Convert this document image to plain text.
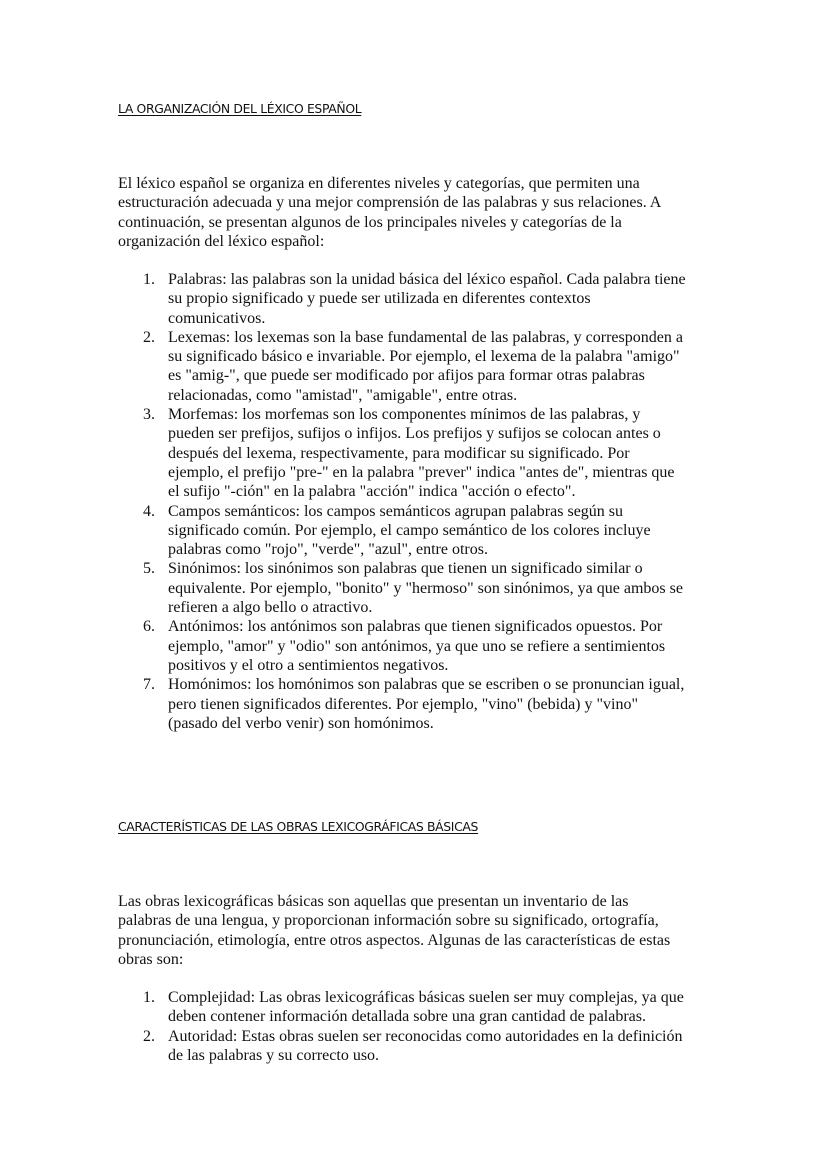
LA ORGANIZACIÓN DEL LÉXICO ESPAÑOL

El léxico español se organiza en diferentes niveles y categorías, que permiten una
estructuración adecuada y una mejor comprensión de las palabras y sus relaciones. A
continuación, se presentan algunos de los principales niveles y categorías de la
organización del léxico español:

1. Palabras: las palabras son la unidad básica del léxico español. Cada palabra tiene
su propio significado y puede ser utilizada en diferentes contextos
comunicativos.
2. Lexemas: los lexemas son la base fundamental de las palabras, y corresponden a
su significado básico e invariable. Por ejemplo, el lexema de la palabra "amigo"
es "amig-", que puede ser modificado por afijos para formar otras palabras
relacionadas, como "amistad", "amigable", entre otras.
3. Morfemas: los morfemas son los componentes mínimos de las palabras, y
pueden ser prefijos, sufijos o infijos. Los prefijos y sufijos se colocan antes o
después del lexema, respectivamente, para modificar su significado. Por
ejemplo, el prefijo "pre-" en la palabra "prever" indica "antes de", mientras que
el sufijo "-ción" en la palabra "acción" indica "acción o efecto".
4. Campos semánticos: los campos semánticos agrupan palabras según su
significado común. Por ejemplo, el campo semántico de los colores incluye
palabras como "rojo", "verde", "azul", entre otros.
5. Sinónimos: los sinónimos son palabras que tienen un significado similar o
equivalente. Por ejemplo, "bonito" y "hermoso" son sinónimos, ya que ambos se
refieren a algo bello o atractivo.
6. Antónimos: los antónimos son palabras que tienen significados opuestos. Por
ejemplo, "amor" y "odio" son antónimos, ya que uno se refiere a sentimientos
positivos y el otro a sentimientos negativos.
7. Homónimos: los homónimos son palabras que se escriben o se pronuncian igual,
pero tienen significados diferentes. Por ejemplo, "vino" (bebida) y "vino"
(pasado del verbo venir) son homónimos.
CARACTERÍSTICAS DE LAS OBRAS LEXICOGRÁFICAS BÁSICAS

Las obras lexicográficas básicas son aquellas que presentan un inventario de las
palabras de una lengua, y proporcionan información sobre su significado, ortografía,
pronunciación, etimología, entre otros aspectos. Algunas de las características de estas
obras son:

1. Complejidad: Las obras lexicográficas básicas suelen ser muy complejas, ya que
deben contener información detallada sobre una gran cantidad de palabras.
2. Autoridad: Estas obras suelen ser reconocidas como autoridades en la definición
de las palabras y su correcto uso.
